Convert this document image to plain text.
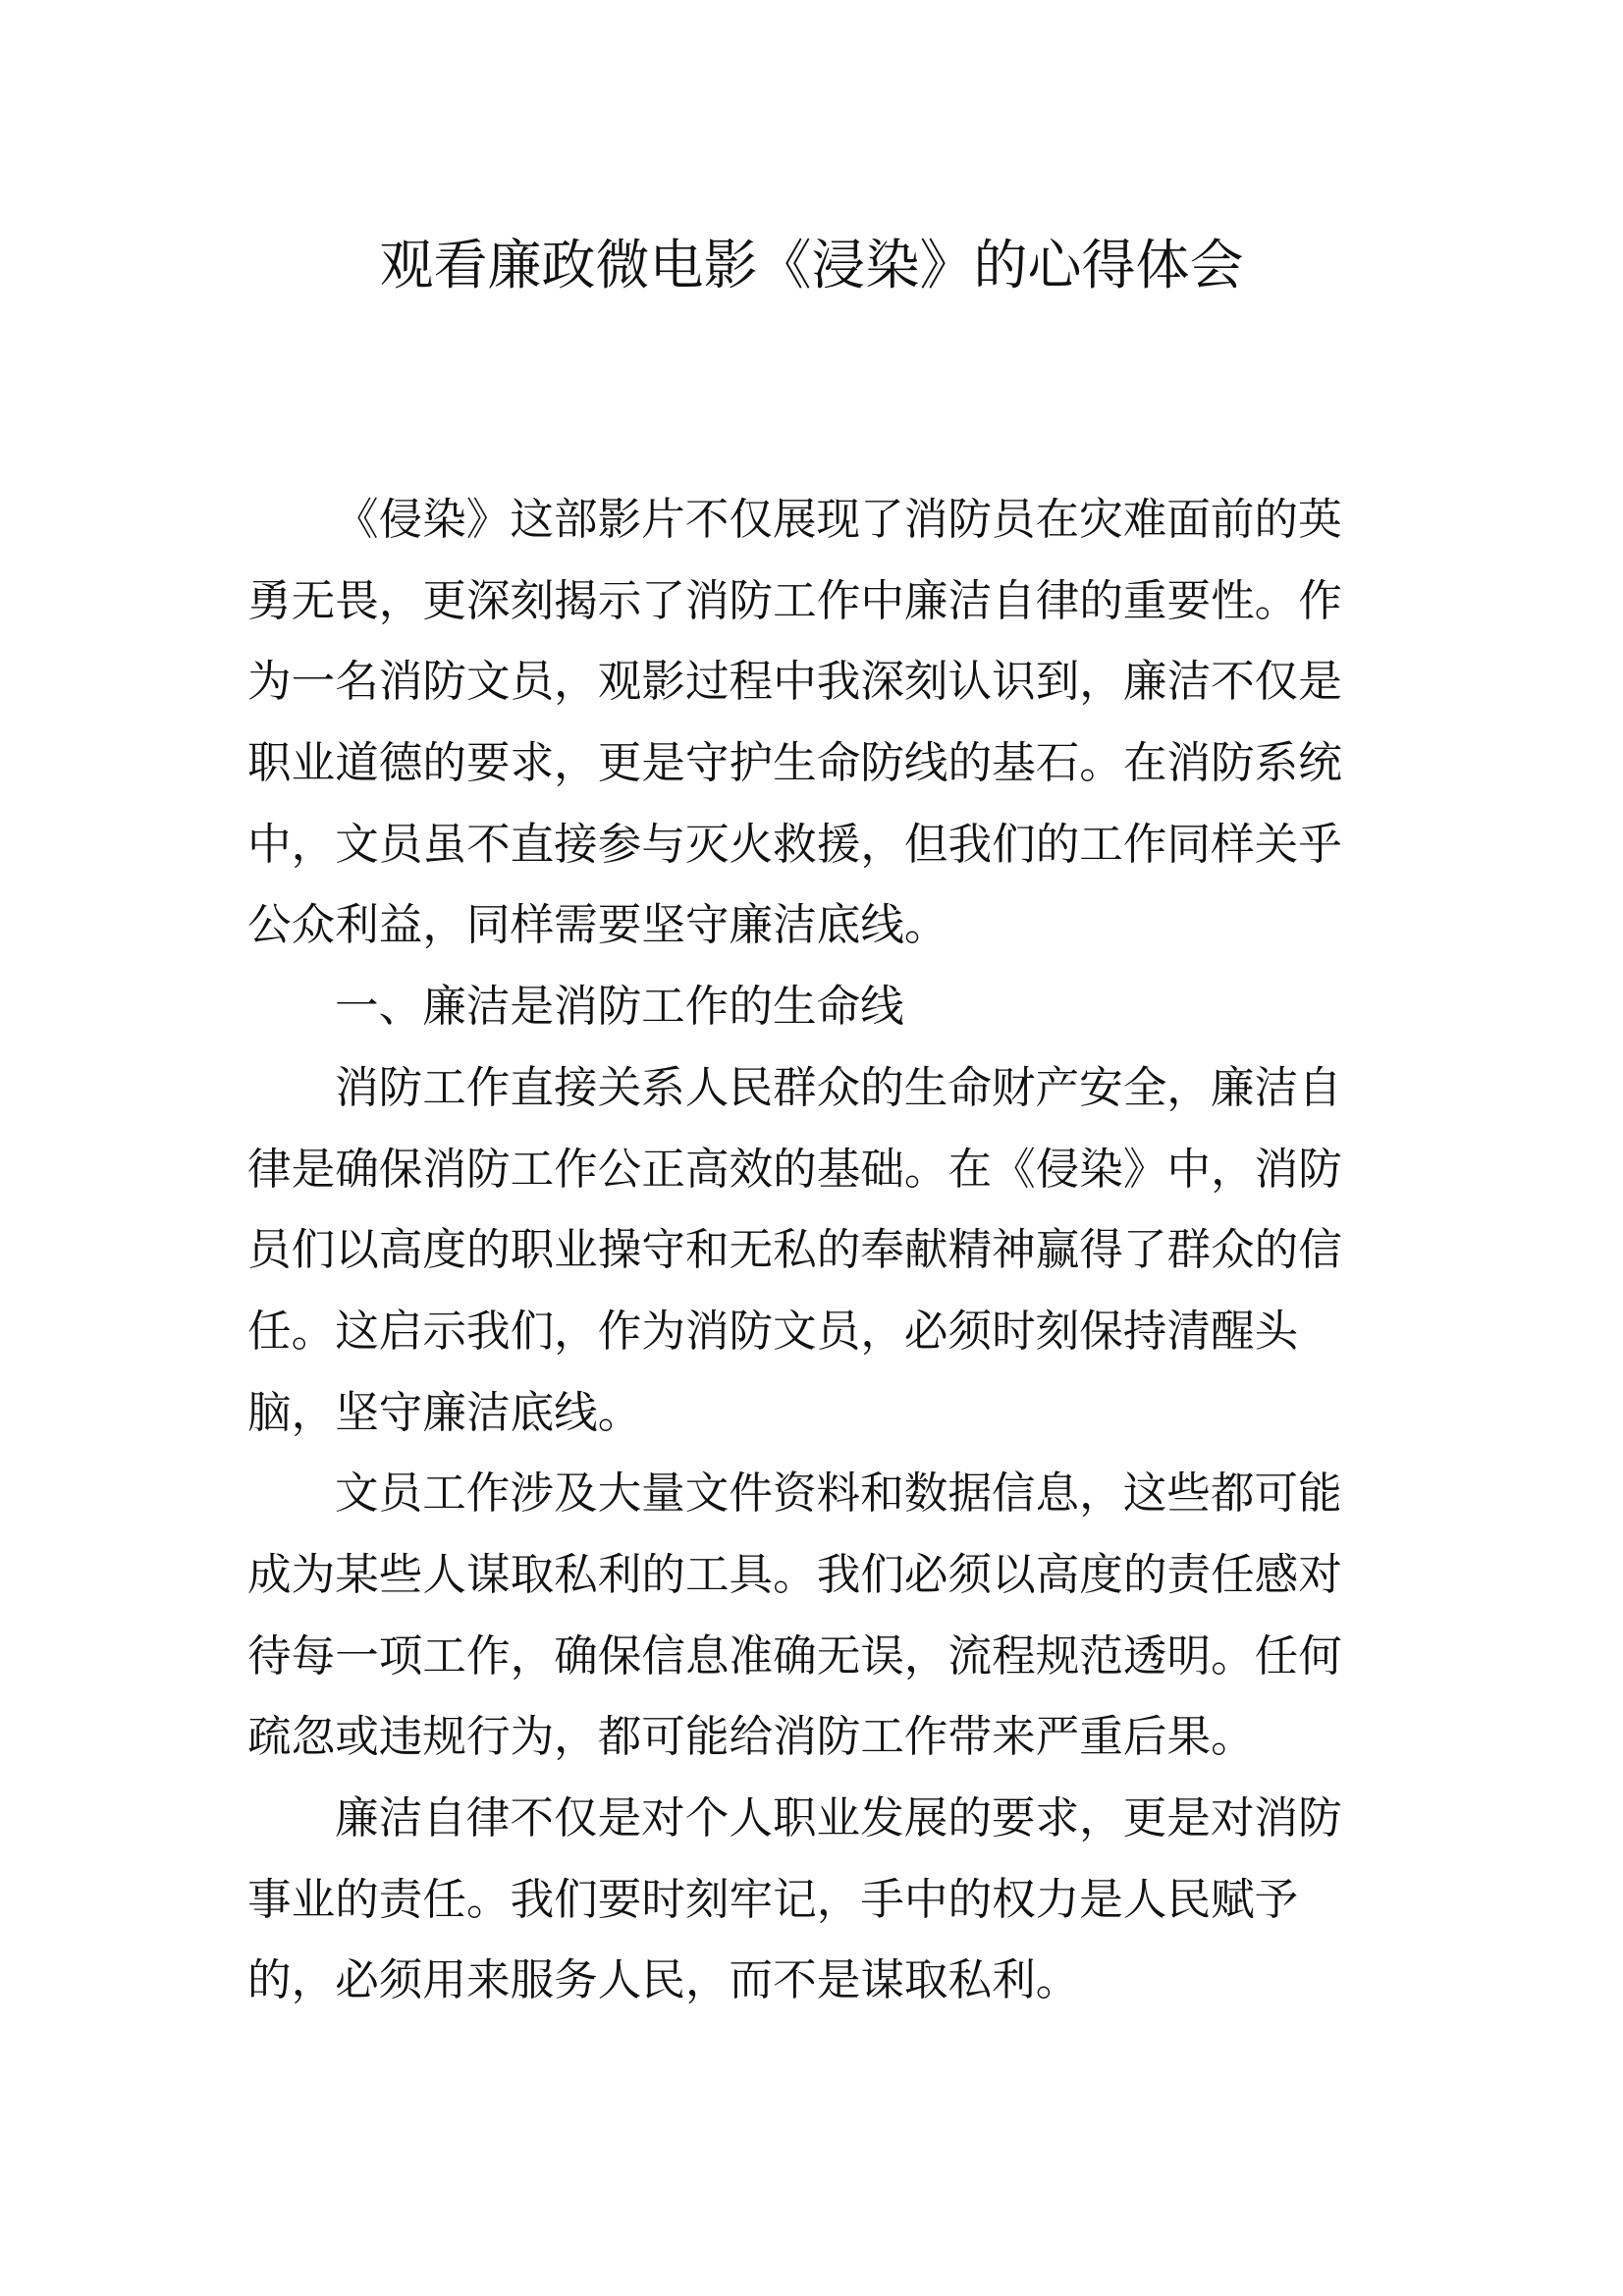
观看廉政微电影《浸染》的心得体会
《侵染》这部影片不仅展现了消防员在灾难面前的英
勇无畏，更深刻揭示了消防工作中廉洁自律的重要性。作
为一名消防文员，观影过程中我深刻认识到，廉洁不仅是
职业道德的要求，更是守护生命防线的基石。在消防系统
中，文员虽不直接参与灭火救援，但我们的工作同样关乎
公众利益，同样需要坚守廉洁底线。
一、廉洁是消防工作的生命线
消防工作直接关系人民群众的生命财产安全，廉洁自
律是确保消防工作公正高效的基础。在《侵染》中，消防
员们以高度的职业操守和无私的奉献精神赢得了群众的信
任。这启示我们，作为消防文员，必须时刻保持清醒头
脑，坚守廉洁底线。
文员工作涉及大量文件资料和数据信息，这些都可能
成为某些人谋取私利的工具。我们必须以高度的责任感对
待每一项工作，确保信息准确无误，流程规范透明。任何
疏忽或违规行为，都可能给消防工作带来严重后果。
廉洁自律不仅是对个人职业发展的要求，更是对消防
事业的责任。我们要时刻牢记，手中的权力是人民赋予
的，必须用来服务人民，而不是谋取私利。
